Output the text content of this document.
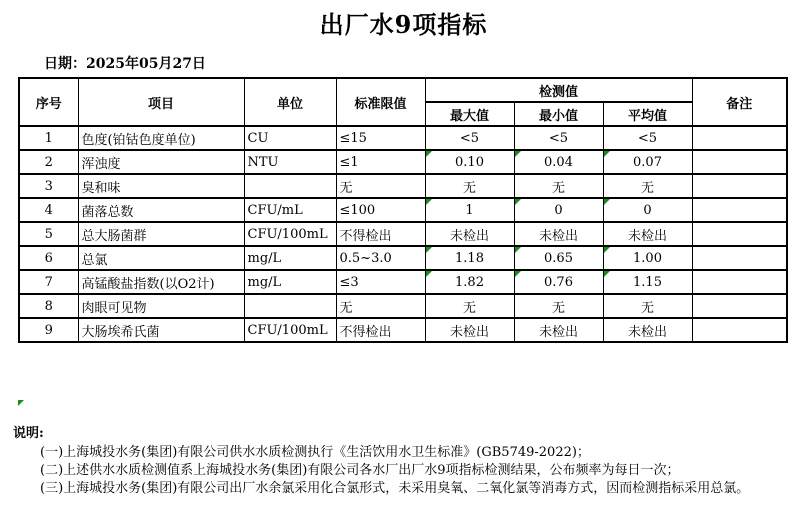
出厂水9项指标
日期：2025年05月27日
序号	项目	单位	标准限值	检测值			备注
				最大值	最小值	平均值	
1	色度(铂钴色度单位)	CU	≤15	<5	<5	<5	
2	浑浊度	NTU	≤1	0.10	0.04	0.07	
3	臭和味		无	无	无	无	
4	菌落总数	CFU/mL	≤100	1	0	0	
5	总大肠菌群	CFU/100mL	不得检出	未检出	未检出	未检出	
6	总氯	mg/L	0.5~3.0	1.18	0.65	1.00	
7	高锰酸盐指数(以O2计)	mg/L	≤3	1.82	0.76	1.15	
8	肉眼可见物		无	无	无	无	
9	大肠埃希氏菌	CFU/100mL	不得检出	未检出	未检出	未检出	
说明:
(一)上海城投水务(集团)有限公司供水水质检测执行《生活饮用水卫生标准》(GB5749-2022)；
(二)上述供水水质检测值系上海城投水务(集团)有限公司各水厂出厂水9项指标检测结果，公布频率为每日一次；
(三)上海城投水务(集团)有限公司出厂水余氯采用化合氯形式，未采用臭氧、二氧化氯等消毒方式，因而检测指标采用总氯。
